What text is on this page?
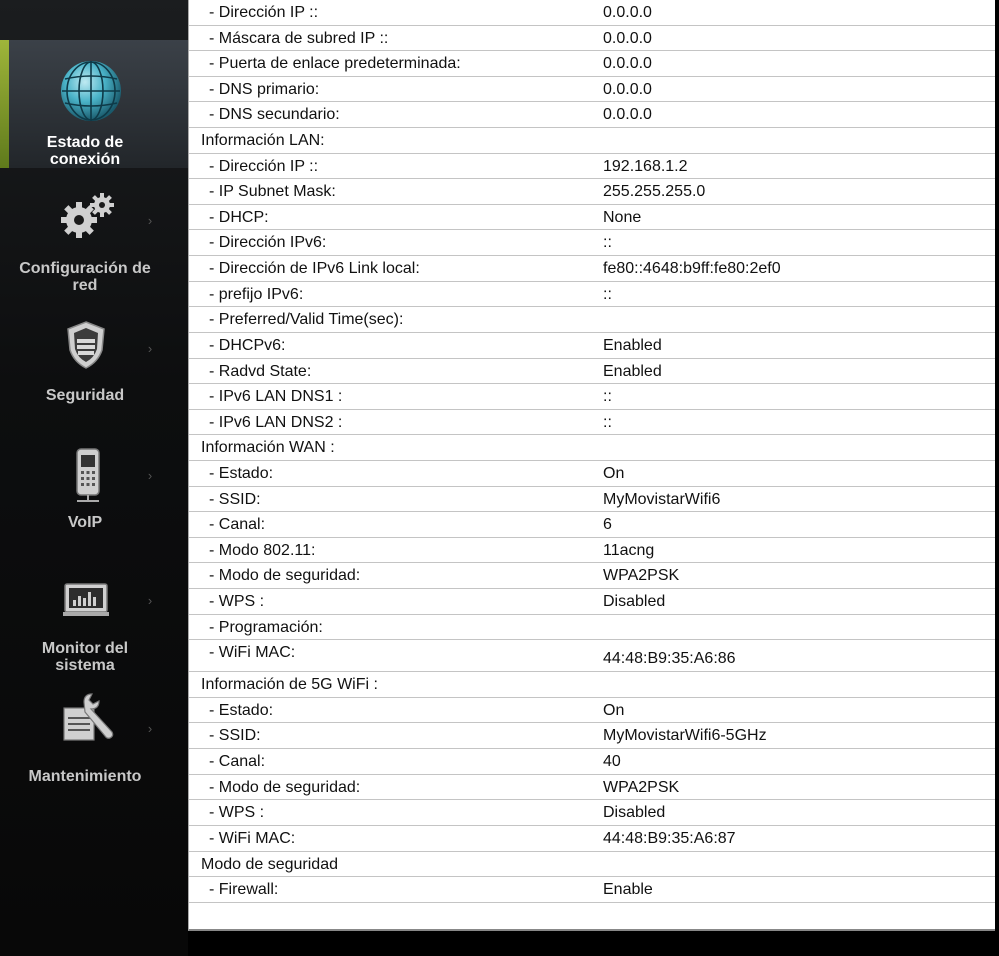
Estado de conexión
›
Configuración de red
›
Seguridad
›
VoIP
›
Monitor del sistema
›
Mantenimiento
- Dirección IP ::	0.0.0.0
- Máscara de subred IP ::	0.0.0.0
- Puerta de enlace predeterminada:	0.0.0.0
- DNS primario:	0.0.0.0
- DNS secundario:	0.0.0.0
Información LAN:
- Dirección IP ::	192.168.1.2
- IP Subnet Mask:	255.255.255.0
- DHCP:	None
- Dirección IPv6:	::
- Dirección de IPv6 Link local:	fe80::4648:b9ff:fe80:2ef0
- prefijo IPv6:	::
- Preferred/Valid Time(sec):
- DHCPv6:	Enabled
- Radvd State:	Enabled
- IPv6 LAN DNS1 :	::
- IPv6 LAN DNS2 :	::
Información WAN :
- Estado:	On
- SSID:	MyMovistarWifi6
- Canal:	6
- Modo 802.11:	11acng
- Modo de seguridad:	WPA2PSK
- WPS :	Disabled
- Programación:
- WiFi MAC:	44:48:B9:35:A6:86
Información de 5G WiFi :
- Estado:	On
- SSID:	MyMovistarWifi6-5GHz
- Canal:	40
- Modo de seguridad:	WPA2PSK
- WPS :	Disabled
- WiFi MAC:	44:48:B9:35:A6:87
Modo de seguridad
- Firewall:	Enable
